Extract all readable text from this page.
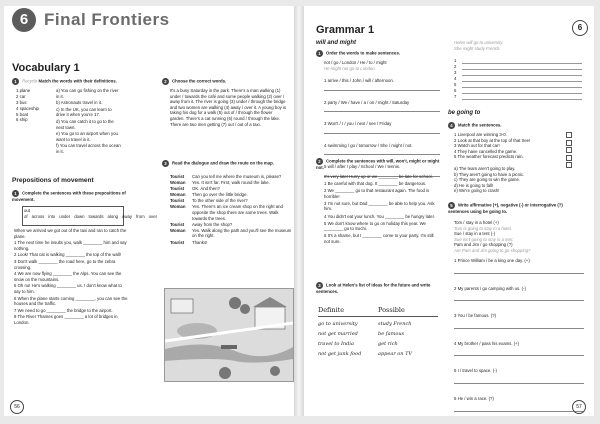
6 Final Frontiers
Vocabulary 1
1 Recycle Match the words with their definitions.
1 plane
2 car
3 bus
4 spaceship
5 boat
6 ship
a) You can go fishing on the river in it.
b) Astronauts travel in it.
c) In the UK, you can learn to drive it when you're 17.
d) You can catch it to go to the next town.
e) You go to an airport when you want to travel in it.
f) You can travel across the ocean in it.
Prepositions of movement
1 Complete the sentences with these prepositions of movement.
out of across into under down towards along away from over
When we arrived we got out of the taxi and ran to catch the plane.
1 The next time he insults you, walk ________ him and say nothing.
2 Look! That cat is walking ________ the top of the wall!
3 Don't walk ________ the road here, go to the zebra crossing.
4 We are now flying ________ the Alps. You can see the snow on the mountains.
5 Oh no! He's walking ________ us. I don't know what to say to him.
6 When the plane starts coming ________, you can see the houses and the traffic.
7 We need to go ________ the bridge to the airport.
8 The River Thames goes ________ a lot of bridges in London.
2 Choose the correct words.
It's a busy Saturday in the park. There's a man walking (1) under / towards the café and some people walking (2) over / away from it. The river is going (3) under / through the bridge and two women are walking (4) away / over it. A young boy is taking his dog for a walk (5) out of / through the flower garden. There's a cat running (6) round / through the lake. There are two men getting (7) out / out of a taxi.
3 Read the dialogue and draw the route on the map.
Tourist	Can you tell me where the museum is, please?
Woman	Yes. It isn't far. First, walk round the lake.
Tourist	OK. And then?
Woman	Then go over the little bridge.
Tourist	To the other side of the river?
Woman	Yes. There's an ice cream shop on the right and opposite the shop there are some trees. Walk towards the trees.
Tourist	Away from the shop?
Woman	Yes. Walk along the path and you'll see the museum on the right.
Tourist	Thanks!
56
Grammar 1
will and might
1 Order the words to make sentences.
not / go / London / He / to / might
He might not go to London.
1 arrive / this / John / will / afternoon.
2 party / We / have / a / on / might / Saturday
3 Won't / I / you / next / see / Friday
4 swimming / go / tomorrow / She / might / not.
5 will / after / play / School / We / tennis.
2 Complete the sentences with will, won't, might or might not.
It's very late! Hurry up or we ________ be late for school.
1 Be careful with that dog. It ________ be dangerous.
2 We ________ go to that restaurant again. The food is horrible!
3 I'm not sure, but Dad ________ be able to help you. Ask him.
4 You didn't eat your lunch. You ________ be hungry later.
5 We don't know where to go on holiday this year. We ________ go to Sochi.
6 It's a shame, but I ________ come to your party. I'm still not sure.
3 Look at Helen's list of ideas for the future and write sentences.
Definite	Possible
go to university	study French
not get married	be famous
travel to India	get rich
not get junk food	appear on TV
Helen will go to university.
She might study French.
1
2
3
4
5
6
7
be going to
4 Match the sentences.
1 Liverpool are winning 3-0.
2 Look at that boy at the top of that tree!
3 Watch out for that car!
4 They have cancelled the game.
5 The weather forecast predicts rain.
a) The team aren't going to play.
b) They aren't going to have a picnic.
c) They are going to win the game.
d) He is going to fall!
e) We're going to crash!
5 Write affirmative (+), negative (-) or interrogative (?) sentences using be going to.
Tom / stay in a hotel (+)
Tom is going to stay in a hotel.
Sue / stay in a tent (-)
Sue isn't going to stay in a tent.
Pam and Jim / go shopping (?)
Are Pam and Jim going to go shopping?
1 Prince William / be a king one day. (+)
2 My parents / go camping with us. (-)
3 You / be famous. (?)
4 My brother / pass his exams. (+)
5 I / travel to space. (-)
6 He / win a race. (?)
57
6
